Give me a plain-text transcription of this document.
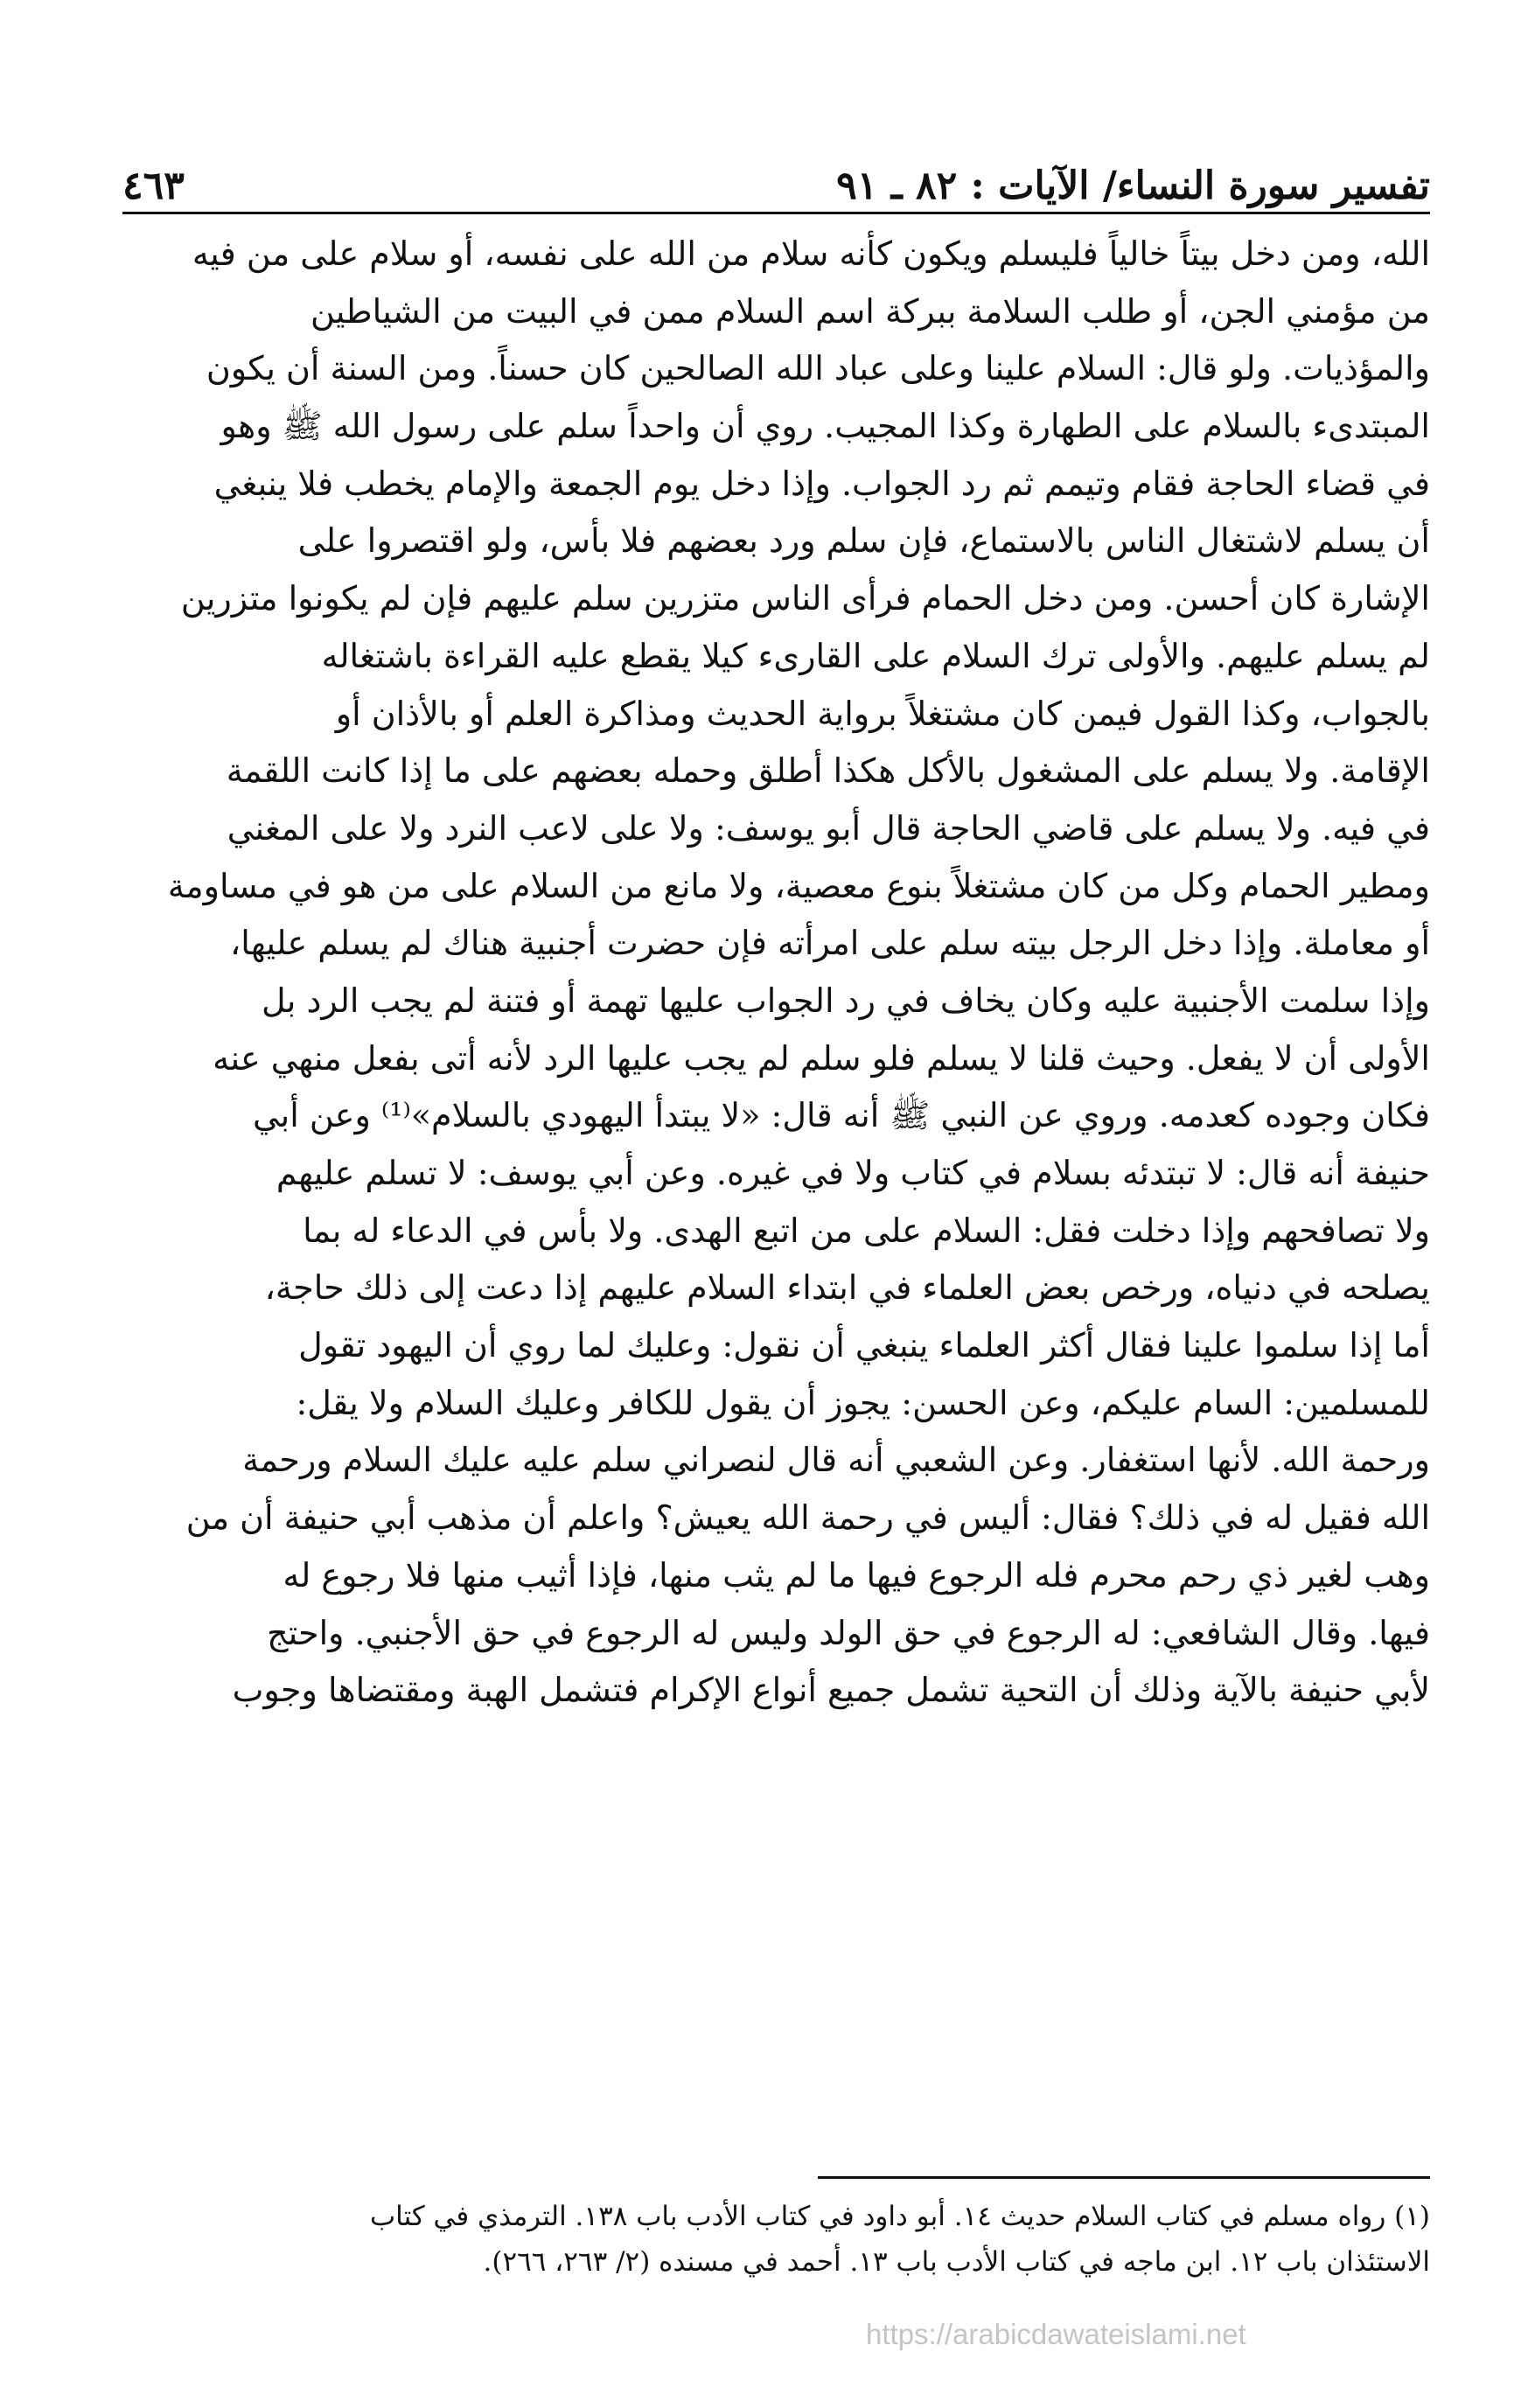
تفسير سورة النساء/ الآيات : ٨٢ ـ ٩١
٤٦٣
الله، ومن دخل بيتاً خالياً فليسلم ويكون كأنه سلام من الله على نفسه، أو سلام على من فيه
من مؤمني الجن، أو طلب السلامة ببركة اسم السلام ممن في البيت من الشياطين
والمؤذيات. ولو قال: السلام علينا وعلى عباد الله الصالحين كان حسناً. ومن السنة أن يكون
المبتدىء بالسلام على الطهارة وكذا المجيب. روي أن واحداً سلم على رسول الله ﷺ وهو
في قضاء الحاجة فقام وتيمم ثم رد الجواب. وإذا دخل يوم الجمعة والإمام يخطب فلا ينبغي
أن يسلم لاشتغال الناس بالاستماع، فإن سلم ورد بعضهم فلا بأس، ولو اقتصروا على
الإشارة كان أحسن. ومن دخل الحمام فرأى الناس متزرين سلم عليهم فإن لم يكونوا متزرين
لم يسلم عليهم. والأولى ترك السلام على القارىء كيلا يقطع عليه القراءة باشتغاله
بالجواب، وكذا القول فيمن كان مشتغلاً برواية الحديث ومذاكرة العلم أو بالأذان أو
الإقامة. ولا يسلم على المشغول بالأكل هكذا أطلق وحمله بعضهم على ما إذا كانت اللقمة
في فيه. ولا يسلم على قاضي الحاجة قال أبو يوسف: ولا على لاعب النرد ولا على المغني
ومطير الحمام وكل من كان مشتغلاً بنوع معصية، ولا مانع من السلام على من هو في مساومة
أو معاملة. وإذا دخل الرجل بيته سلم على امرأته فإن حضرت أجنبية هناك لم يسلم عليها،
وإذا سلمت الأجنبية عليه وكان يخاف في رد الجواب عليها تهمة أو فتنة لم يجب الرد بل
الأولى أن لا يفعل. وحيث قلنا لا يسلم فلو سلم لم يجب عليها الرد لأنه أتى بفعل منهي عنه
فكان وجوده كعدمه. وروي عن النبي ﷺ أنه قال: «لا يبتدأ اليهودي بالسلام»⁽¹⁾ وعن أبي
حنيفة أنه قال: لا تبتدئه بسلام في كتاب ولا في غيره. وعن أبي يوسف: لا تسلم عليهم
ولا تصافحهم وإذا دخلت فقل: السلام على من اتبع الهدى. ولا بأس في الدعاء له بما
يصلحه في دنياه، ورخص بعض العلماء في ابتداء السلام عليهم إذا دعت إلى ذلك حاجة،
أما إذا سلموا علينا فقال أكثر العلماء ينبغي أن نقول: وعليك لما روي أن اليهود تقول
للمسلمين: السام عليكم، وعن الحسن: يجوز أن يقول للكافر وعليك السلام ولا يقل:
ورحمة الله. لأنها استغفار. وعن الشعبي أنه قال لنصراني سلم عليه عليك السلام ورحمة
الله فقيل له في ذلك؟ فقال: أليس في رحمة الله يعيش؟ واعلم أن مذهب أبي حنيفة أن من
وهب لغير ذي رحم محرم فله الرجوع فيها ما لم يثب منها، فإذا أثيب منها فلا رجوع له
فيها. وقال الشافعي: له الرجوع في حق الولد وليس له الرجوع في حق الأجنبي. واحتج
لأبي حنيفة بالآية وذلك أن التحية تشمل جميع أنواع الإكرام فتشمل الهبة ومقتضاها وجوب
(١) رواه مسلم في كتاب السلام حديث ١٤. أبو داود في كتاب الأدب باب ١٣٨. الترمذي في كتاب
الاستئذان باب ١٢. ابن ماجه في كتاب الأدب باب ١٣. أحمد في مسنده (٢/ ٢٦٣، ٢٦٦).
https://arabicdawateislami.net
